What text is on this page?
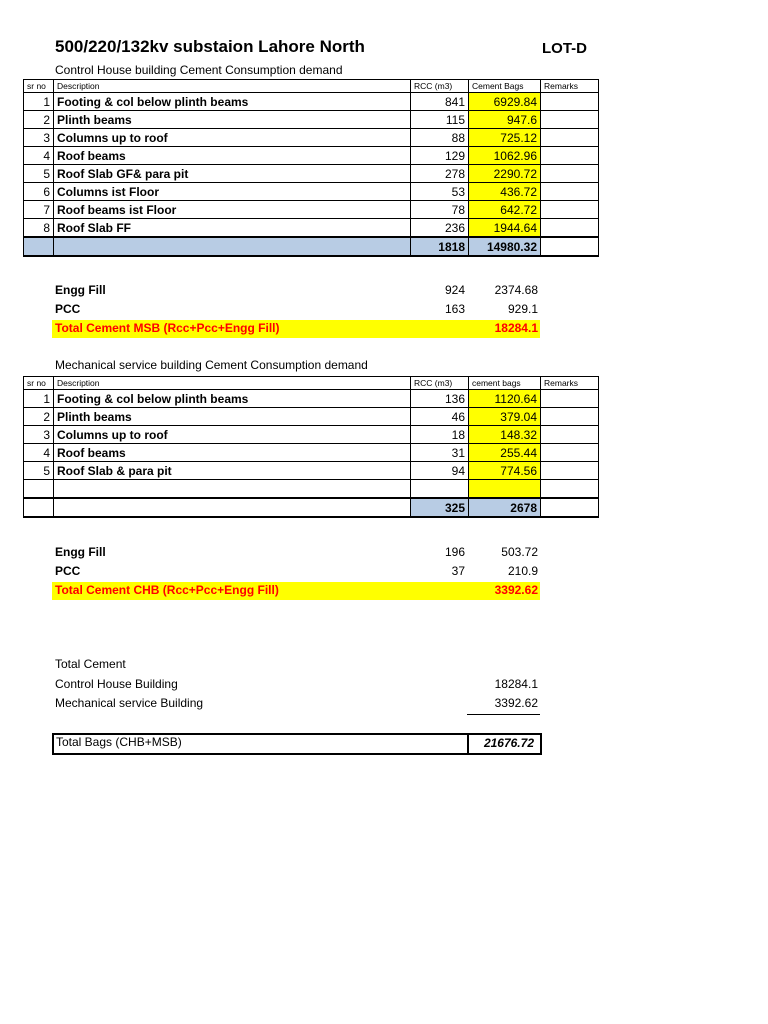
500/220/132kv substaion Lahore North	LOT-D
Control House building Cement Consumption demand
sr no	Description	RCC (m3)	Cement Bags	Remarks
1	Footing & col below plinth beams	841	6929.84	
2	Plinth beams	115	947.6	
3	Columns up to roof	88	725.12	
4	Roof beams	129	1062.96	
5	Roof Slab GF& para pit	278	2290.72	
6	Columns ist Floor	53	436.72	
7	Roof beams ist Floor	78	642.72	
8	Roof Slab FF	236	1944.64	
		1818	14980.32	
Engg Fill	924	2374.68
PCC	163	929.1
Total Cement MSB (Rcc+Pcc+Engg Fill)	18284.1
Mechanical service building Cement Consumption demand
sr no	Description	RCC (m3)	cement bags	Remarks
1	Footing & col below plinth beams	136	1120.64	
2	Plinth beams	46	379.04	
3	Columns up to roof	18	148.32	
4	Roof beams	31	255.44	
5	Roof Slab & para pit	94	774.56	

		325	2678	
Engg Fill	196	503.72
PCC	37	210.9
Total Cement CHB (Rcc+Pcc+Engg Fill)	3392.62
Total Cement
Control House Building	18284.1
Mechanical service Building	3392.62
Total Bags (CHB+MSB)	21676.72
